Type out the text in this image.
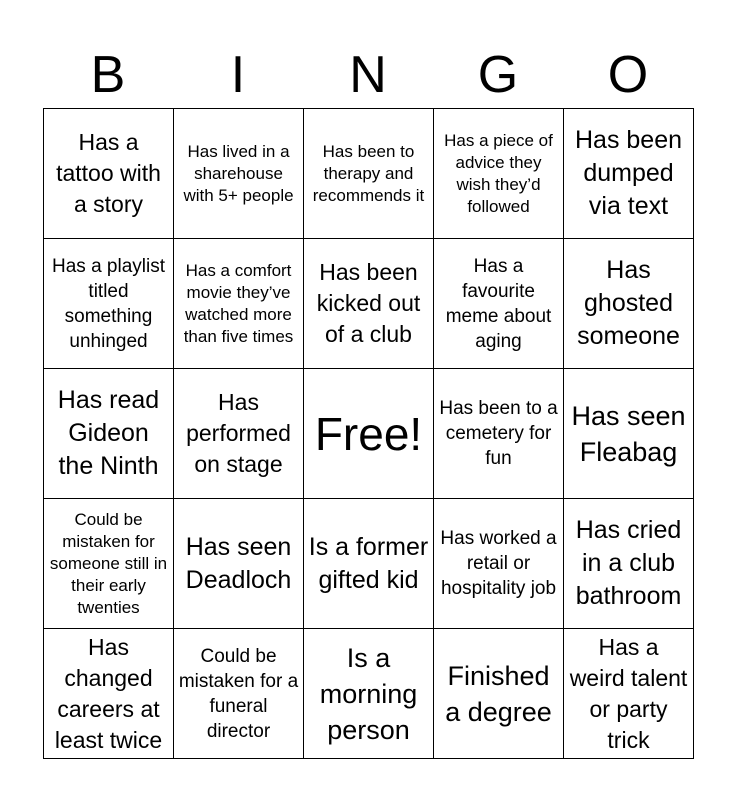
B	I	N	G	O
Has a tattoo with a story	Has lived in a sharehouse with 5+ people	Has been to therapy and recommends it	Has a piece of advice they wish they’d followed	Has been dumped via text
Has a playlist titled something unhinged	Has a comfort movie they’ve watched more than five times	Has been kicked out of a club	Has a favourite meme about aging	Has ghosted someone
Has read Gideon the Ninth	Has performed on stage	Free!	Has been to a cemetery for fun	Has seen Fleabag
Could be mistaken for someone still in their early twenties	Has seen Deadloch	Is a former gifted kid	Has worked a retail or hospitality job	Has cried in a club bathroom
Has changed careers at least twice	Could be mistaken for a funeral director	Is a morning person	Finished a degree	Has a weird talent or party trick
